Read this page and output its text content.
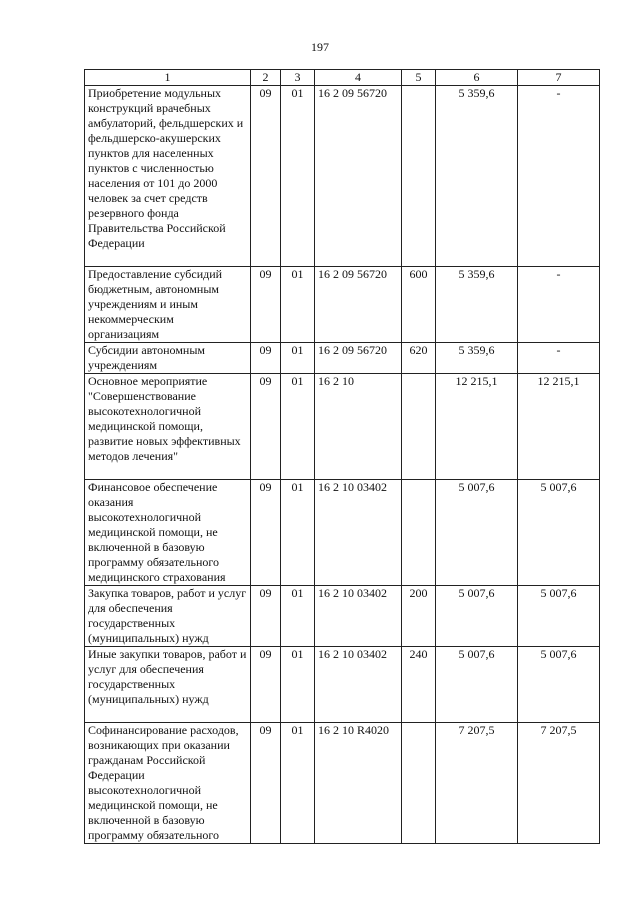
197
1	2	3	4	5	6	7
Приобретение модульных конструкций врачебных амбулаторий, фельдшерских и фельдшерско-акушерских пунктов для населенных пунктов с численностью населения от 101 до 2000 человек за счет средств резервного фонда Правительства Российской Федерации	09	01	16 2 09 56720		5 359,6	-
Предоставление субсидий бюджетным, автономным учреждениям и иным некоммерческим организациям	09	01	16 2 09 56720	600	5 359,6	-
Субсидии автономным учреждениям	09	01	16 2 09 56720	620	5 359,6	-
Основное мероприятие "Совершенствование высокотехнологичной медицинской помощи, развитие новых эффективных методов лечения"	09	01	16 2 10		12 215,1	12 215,1
Финансовое обеспечение оказания высокотехнологичной медицинской помощи, не включенной в базовую программу обязательного медицинского страхования	09	01	16 2 10 03402		5 007,6	5 007,6
Закупка товаров, работ и услуг для обеспечения государственных (муниципальных) нужд	09	01	16 2 10 03402	200	5 007,6	5 007,6
Иные закупки товаров, работ и услуг для обеспечения государственных (муниципальных) нужд	09	01	16 2 10 03402	240	5 007,6	5 007,6
Софинансирование расходов, возникающих при оказании гражданам Российской Федерации высокотехнологичной медицинской помощи, не включенной в базовую программу обязательного	09	01	16 2 10 R4020		7 207,5	7 207,5
